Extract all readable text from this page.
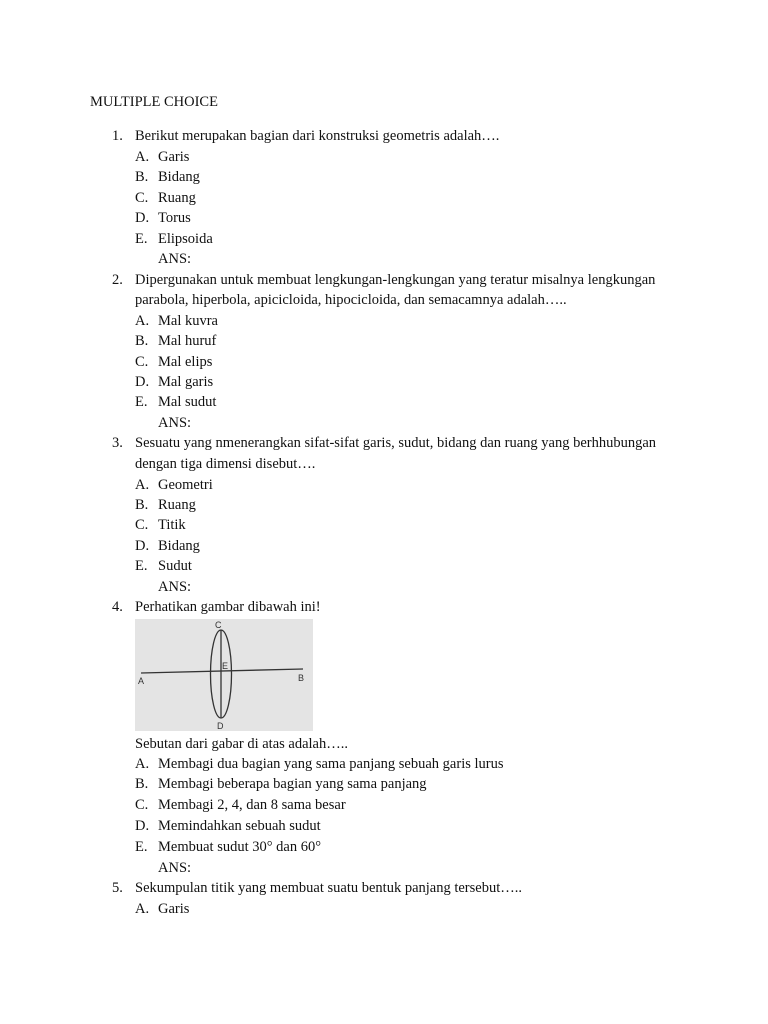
MULTIPLE CHOICE
1. Berikut merupakan bagian dari konstruksi geometris adalah….
A. Garis
B. Bidang
C. Ruang
D. Torus
E. Elipsoida
ANS:
2. Dipergunakan untuk membuat lengkungan-lengkungan yang teratur misalnya lengkungan
parabola, hiperbola, apicicloida, hipocicloida, dan semacamnya adalah…..
A. Mal kuvra
B. Mal huruf
C. Mal elips
D. Mal garis
E. Mal sudut
ANS:
3. Sesuatu yang nmenerangkan sifat-sifat garis, sudut, bidang dan ruang yang berhhubungan
dengan tiga dimensi disebut….
A. Geometri
B. Ruang
C. Titik
D. Bidang
E. Sudut
ANS:
4. Perhatikan gambar dibawah ini!
C
E
A	B
D
Sebutan dari gabar di atas adalah…..
A. Membagi dua bagian yang sama panjang sebuah garis lurus
B. Membagi beberapa bagian yang sama panjang
C. Membagi 2, 4, dan 8 sama besar
D. Memindahkan sebuah sudut
E. Membuat sudut 30° dan 60°
ANS:
5. Sekumpulan titik yang membuat suatu bentuk panjang tersebut…..
A. Garis
